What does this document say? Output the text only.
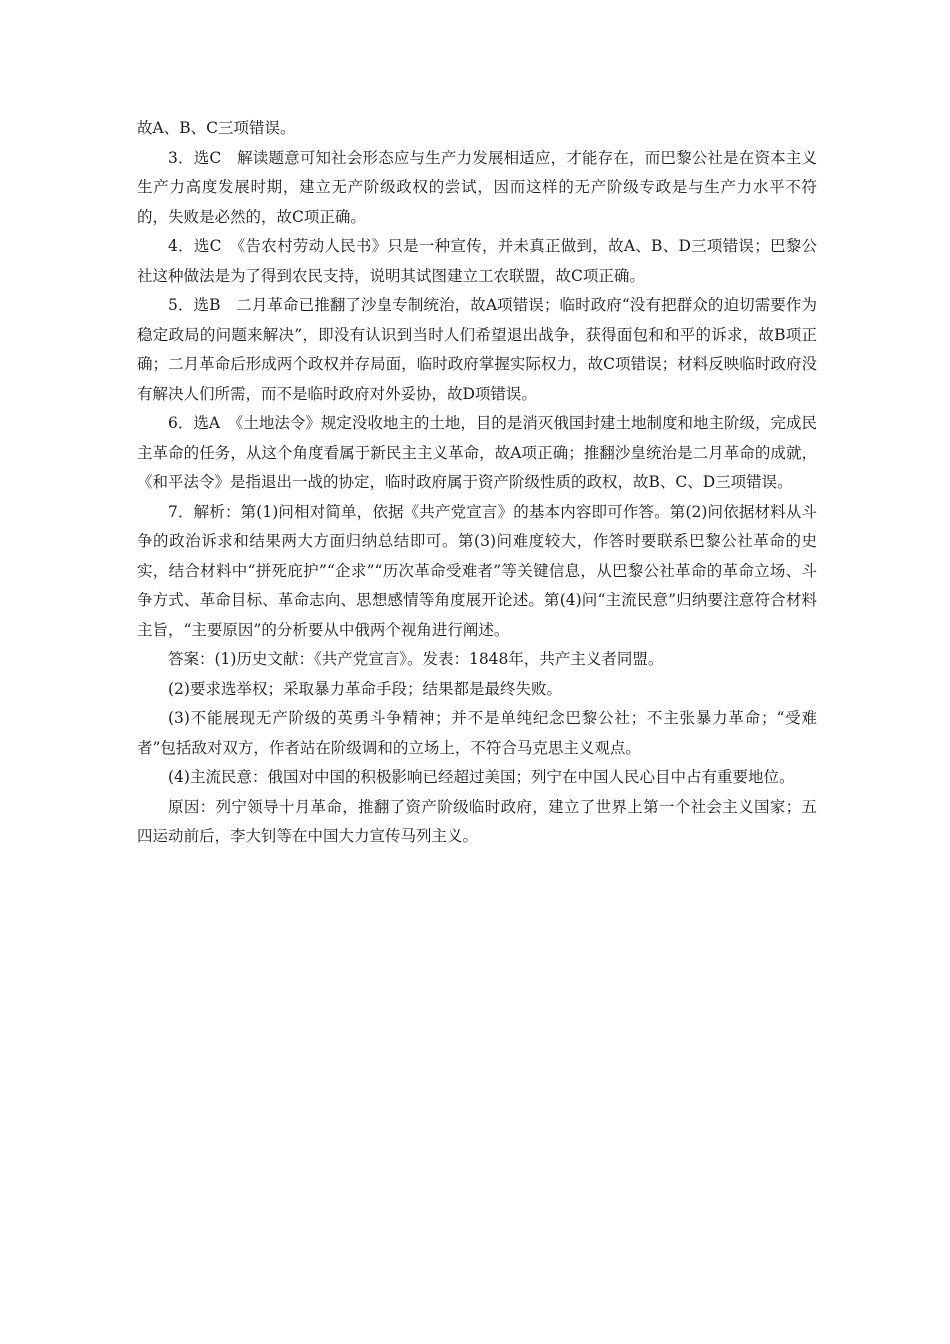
故A、B、C三项错误。

3．选C　解读题意可知社会形态应与生产力发展相适应，才能存在，而巴黎公社是在资本主义生产力高度发展时期，建立无产阶级政权的尝试，因而这样的无产阶级专政是与生产力水平不符的，失败是必然的，故C项正确。

4．选C　《告农村劳动人民书》只是一种宣传，并未真正做到，故A、B、D三项错误；巴黎公社这种做法是为了得到农民支持，说明其试图建立工农联盟，故C项正确。

5．选B　二月革命已推翻了沙皇专制统治，故A项错误；临时政府“没有把群众的迫切需要作为稳定政局的问题来解决”，即没有认识到当时人们希望退出战争，获得面包和和平的诉求，故B项正确；二月革命后形成两个政权并存局面，临时政府掌握实际权力，故C项错误；材料反映临时政府没有解决人们所需，而不是临时政府对外妥协，故D项错误。

6．选A　《土地法令》规定没收地主的土地，目的是消灭俄国封建土地制度和地主阶级，完成民主革命的任务，从这个角度看属于新民主主义革命，故A项正确；推翻沙皇统治是二月革命的成就，《和平法令》是指退出一战的协定，临时政府属于资产阶级性质的政权，故B、C、D三项错误。

7．解析：第(1)问相对简单，依据《共产党宣言》的基本内容即可作答。第(2)问依据材料从斗争的政治诉求和结果两大方面归纳总结即可。第(3)问难度较大，作答时要联系巴黎公社革命的史实，结合材料中“拼死庇护”“企求”“历次革命受难者”等关键信息，从巴黎公社革命的革命立场、斗争方式、革命目标、革命志向、思想感情等角度展开论述。第(4)问“主流民意”归纳要注意符合材料主旨，“主要原因”的分析要从中俄两个视角进行阐述。

答案：(1)历史文献：《共产党宣言》。发表：1848年，共产主义者同盟。

(2)要求选举权；采取暴力革命手段；结果都是最终失败。

(3)不能展现无产阶级的英勇斗争精神；并不是单纯纪念巴黎公社；不主张暴力革命；“受难者”包括敌对双方，作者站在阶级调和的立场上，不符合马克思主义观点。

(4)主流民意：俄国对中国的积极影响已经超过美国；列宁在中国人民心目中占有重要地位。

原因：列宁领导十月革命，推翻了资产阶级临时政府，建立了世界上第一个社会主义国家；五四运动前后，李大钊等在中国大力宣传马列主义。
